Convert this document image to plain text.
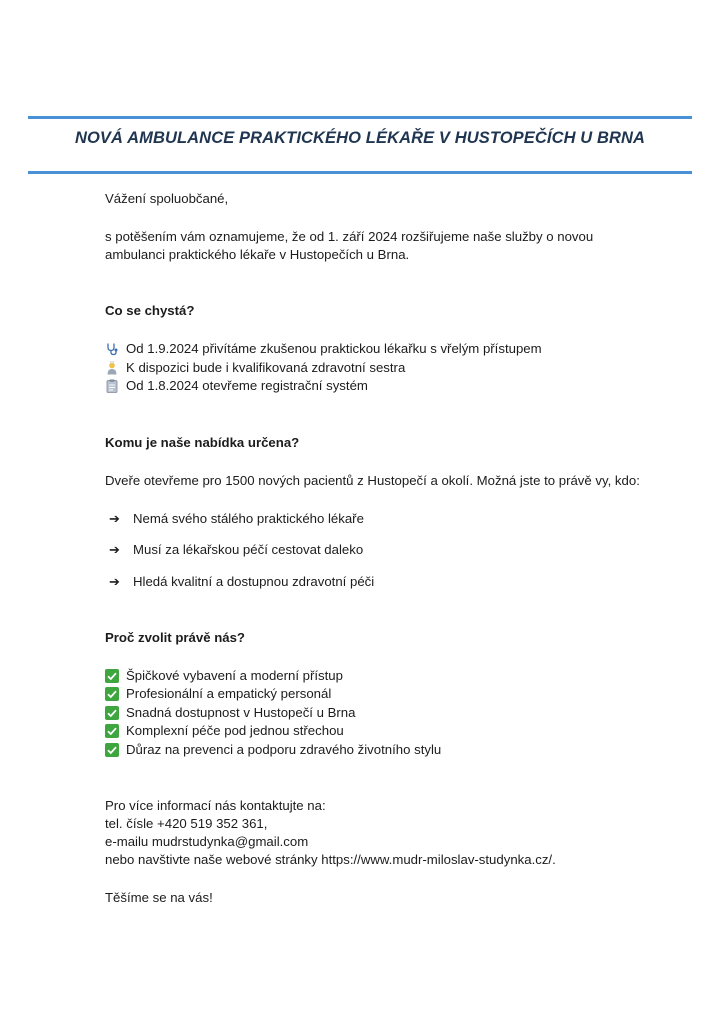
NOVÁ AMBULANCE PRAKTICKÉHO LÉKAŘE V HUSTOPEČÍCH U BRNA

Vážení spoluobčané,

s potěšením vám oznamujeme, že od 1. září 2024 rozšiřujeme naše služby o novou ambulanci praktického lékaře v Hustopečích u Brna.

Co se chystá?

Od 1.9.2024 přivítáme zkušenou praktickou lékařku s vřelým přístupem
K dispozici bude i kvalifikovaná zdravotní sestra
Od 1.8.2024 otevřeme registrační systém

Komu je naše nabídka určena?

Dveře otevřeme pro 1500 nových pacientů z Hustopečí a okolí. Možná jste to právě vy, kdo:

➔ Nemá svého stálého praktického lékaře
➔ Musí za lékařskou péčí cestovat daleko
➔ Hledá kvalitní a dostupnou zdravotní péči

Proč zvolit právě nás?

Špičkové vybavení a moderní přístup
Profesionální a empatický personál
Snadná dostupnost v Hustopečí u Brna
Komplexní péče pod jednou střechou
Důraz na prevenci a podporu zdravého životního stylu

Pro více informací nás kontaktujte na:

tel. čísle +420 519 352 361,

e-mailu mudrstudynka@gmail.com

nebo navštivte naše webové stránky https://www.mudr-miloslav-studynka.cz/.

Těšíme se na vás!
